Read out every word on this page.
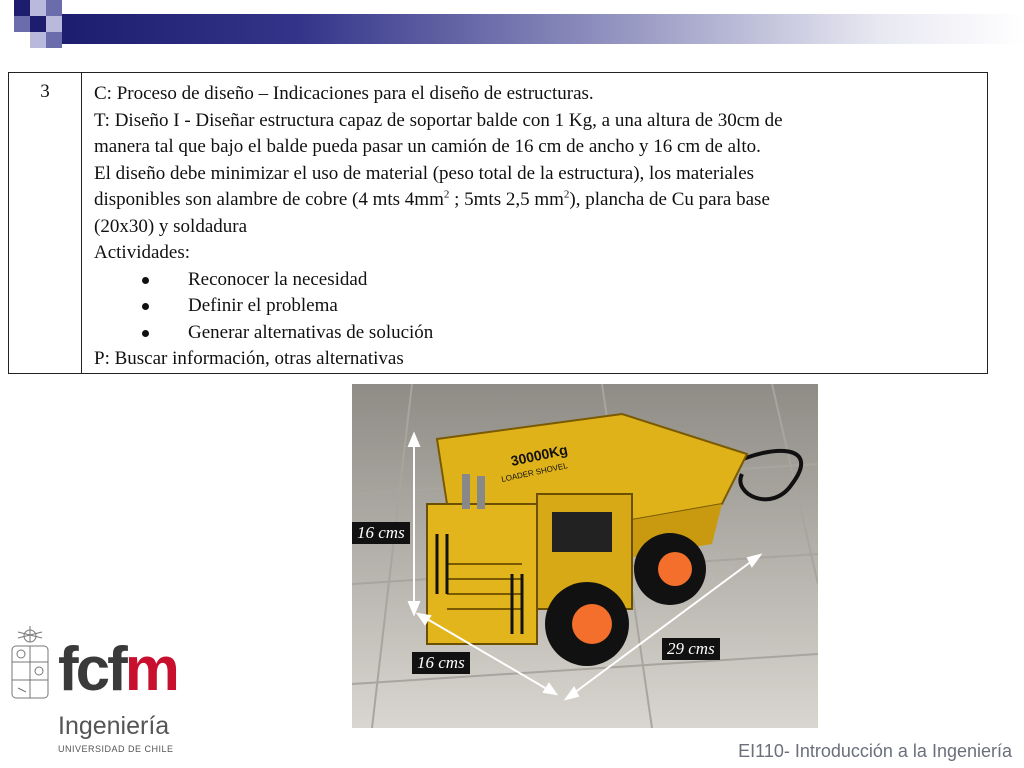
3	C: Proceso de diseño – Indicaciones para el diseño de estructuras.
T: Diseño I - Diseñar estructura capaz de soportar balde con 1 Kg, a una altura de 30cm de
manera tal que bajo el balde pueda pasar un camión de 16 cm de ancho y 16 cm de alto.
El diseño debe minimizar el uso de material (peso total de la estructura), los materiales
disponibles son alambre de cobre (4 mts $4mm^2$ ; 5mts 2,5 $mm^2$), plancha de Cu para base
(20x30) y soldadura
Actividades:
Reconocer la necesidad
Definir el problema
Generar alternativas de solución
P: Buscar información, otras alternativas
30000Kg
LOADER SHOVEL
16 cms
16 cms
29 cms
fcfm
Ingeniería
UNIVERSIDAD DE CHILE	EI110- Introducción a la Ingeniería
